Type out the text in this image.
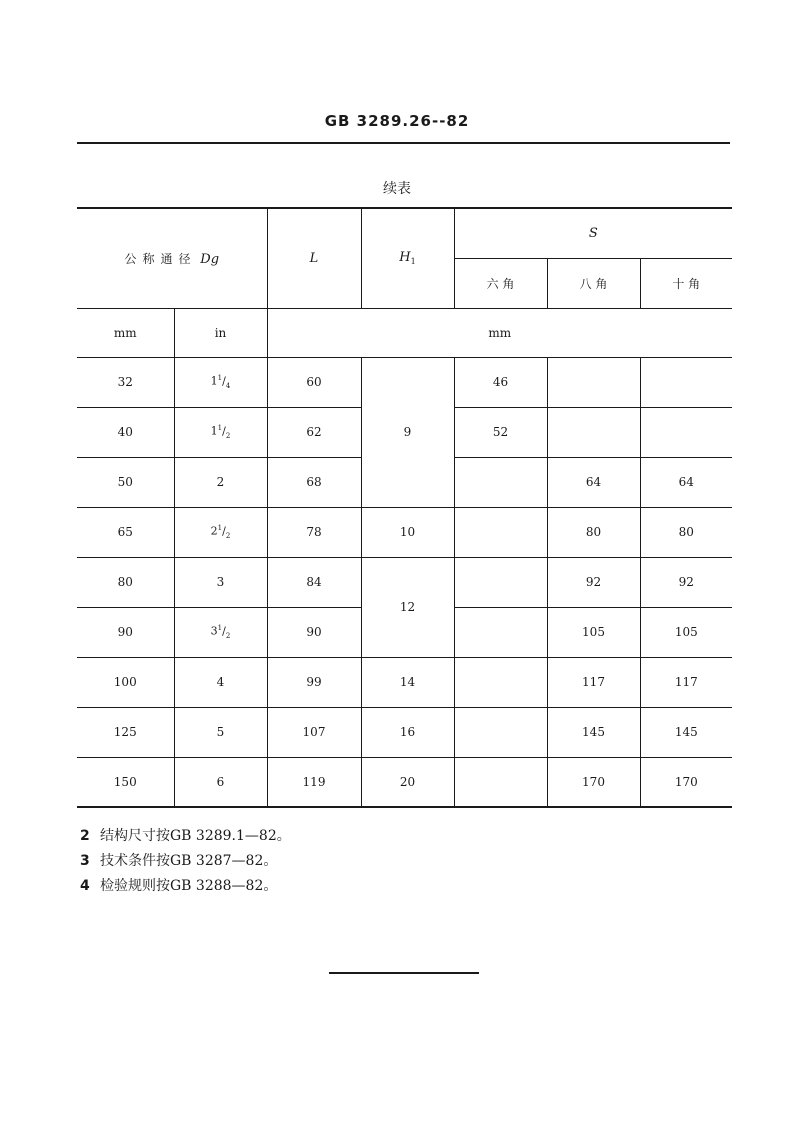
GB 3289.26--82
续表
公称通径 Dg		L	$H_1$	S		
				六 角	八 角	十 角
mm	in	mm				
32	$1^1/_4$	60	9	46		
40	$1^1/_2$	62		52		
50	2	68			64	64
65	$2^1/_2$	78	10		80	80
80	3	84	12		92	92
90	$3^1/_2$	90			105	105
100	4	99	14		117	117
125	5	107	16		145	145
150	6	119	20		170	170
2 结构尺寸按GB 3289.1—82。
3 技术条件按GB 3287—82。
4 检验规则按GB 3288—82。
